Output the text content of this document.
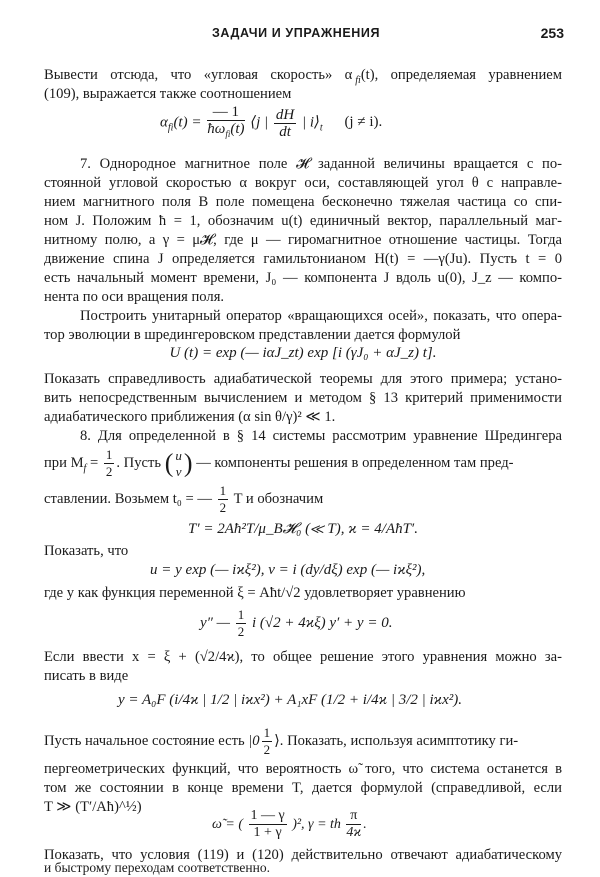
ЗАДАЧИ И УПРАЖНЕНИЯ	253
Вывести отсюда, что «угловая скорость» α $_{fi}$(t), определяемая уравнением
(109), выражается также соотношением
$\alpha_{fi}(t) = \frac{— 1}{ħ\omega_{fi}(t)}$ ⟨j | $\frac{dH}{dt}$ | $i⟩_t$ (j ≠ i).
7. Однородное магнитное поле 𝓗 заданной величины вращается с по-
стоянной угловой скоростью α вокруг оси, составляющей угол θ с направле-
нием магнитного поля В поле помещена бесконечно тяжелая частица со спи-
ном J. Положим ħ = 1, обозначим u(t) единичный вектор, параллельный маг-
нитному полю, а γ = μ𝓗, где μ — гиромагнитное отношение частицы. Тогда
движение спина J определяется гамильтонианом H(t) = —γ(Ju). Пусть t = 0
есть начальный момент времени, J₀ — компонента J вдоль u(0), J_z — компо-
нента по оси вращения поля.
Построить унитарный оператор «вращающихся осей», показать, что опера-
тор эволюции в шредингеровском представлении дается формулой
U (t) = exp (— iαJ_zt) exp [i (γJ₀ + αJ_z) t].
Показать справедливость адиабатической теоремы для этого примера; устано-
вить непосредственным вычислением и методом § 13 критерий применимости
адиабатического приближения (α sin θ/γ)² ≪ 1.
8. Для определенной в § 14 системы рассмотрим уравнение Шредингера
при $M_f = \frac{1}{2}$ . Пусть ( u
v ) — компоненты решения в определенном там пред-
ставлении. Возьмем t₀ = — $\frac{1}{2}$ T и обозначим
T′ = 2Aħ²T/μ_B𝓗₀ (≪ T), ϰ = 4/AħT′.
Показать, что
u = y exp (— iϰξ²), v = i (dy/dξ) exp (— iϰξ²),
где y как функция переменной ξ = Aħt/√2 удовлетворяет уравнению
y″ — $\frac{1}{2}$ i (√2 + 4ϰξ) y′ + y = 0.
Если ввести x = ξ + (√2/4ϰ), то общее решение этого уравнения можно за-
писать в виде
y = A₀F (i/4ϰ | 1/2 | iϰx²) + A₁xF (1/2 + i/4ϰ | 3/2 | iϰx²).
Пусть начальное состояние есть $|0 \frac{1}{2}$ ⟩. Показать, используя асимптотику ги-
пергеометрических функций, что вероятность ω̃ того, что система останется в
том же состоянии в конце времени T, дается формулой (справедливой, если
T ≫ (T′/Aħ)^½)
ω̃ = ( $\frac{1 — \gamma}{1 + \gamma} )^2$, γ = th $\frac{\pi}{4ϰ}$ .
Показать, что условия (119) и (120) действительно отвечают адиабатическому
и быстрому переходам соответственно.
